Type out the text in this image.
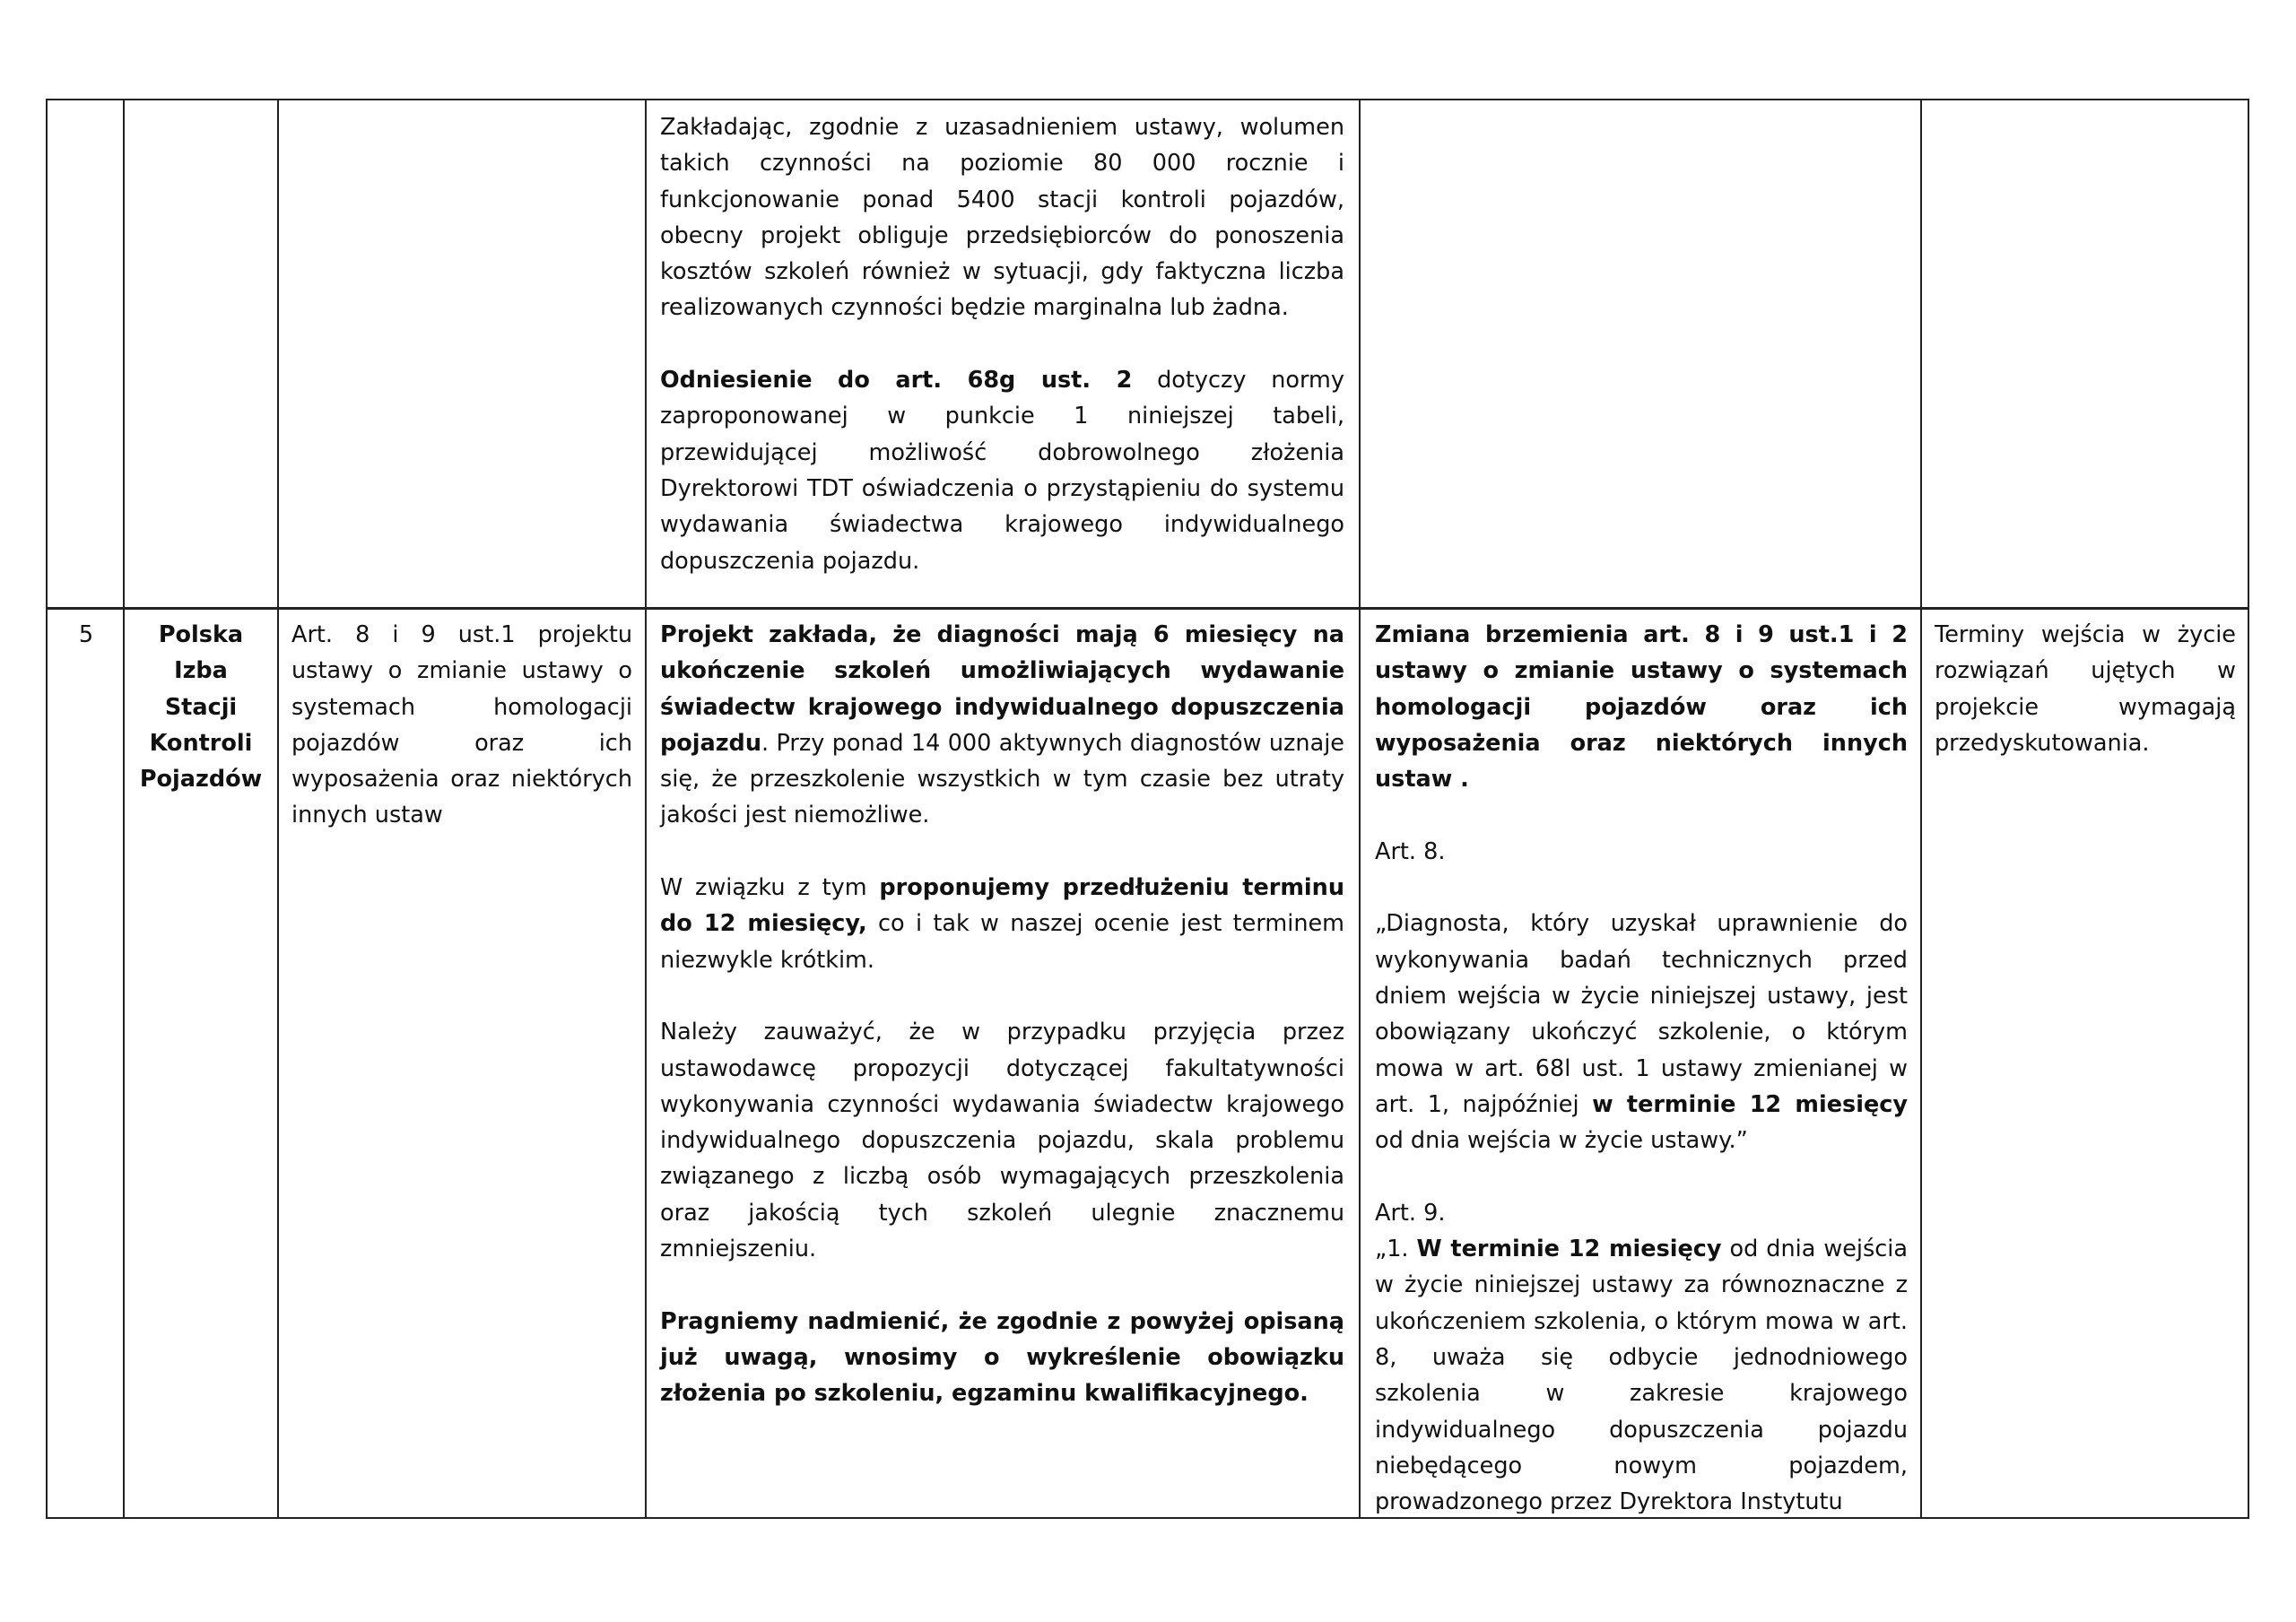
Zakładając, zgodnie z uzasadnieniem ustawy, wolumen takich czynności na poziomie 80 000 rocznie i funkcjonowanie ponad 5400 stacji kontroli pojazdów, obecny projekt obliguje przedsiębiorców do ponoszenia kosztów szkoleń również w sytuacji, gdy faktyczna liczba realizowanych czynności będzie marginalna lub żadna.

Odniesienie do art. 68g ust. 2 dotyczy normy zaproponowanej w punkcie 1 niniejszej tabeli, przewidującej możliwość dobrowolnego złożenia Dyrektorowi TDT oświadczenia o przystąpieniu do systemu wydawania świadectwa krajowego indywidualnego dopuszczenia pojazdu.

5	Polska

Izba

Stacji

Kontroli

Pojazdów

Art. 8 i 9 ust.1 projektu ustawy o zmianie ustawy o systemach homologacji pojazdów oraz ich wyposażenia oraz niektórych innych ustaw

Projekt zakłada, że diagności mają 6 miesięcy na ukończenie szkoleń umożliwiających wydawanie świadectw krajowego indywidualnego dopuszczenia pojazdu. Przy ponad 14 000 aktywnych diagnostów uznaje się, że przeszkolenie wszystkich w tym czasie bez utraty jakości jest niemożliwe.

W związku z tym proponujemy przedłużeniu terminu do 12 miesięcy, co i tak w naszej ocenie jest terminem niezwykle krótkim.

Należy zauważyć, że w przypadku przyjęcia przez ustawodawcę propozycji dotyczącej fakultatywności wykonywania czynności wydawania świadectw krajowego indywidualnego dopuszczenia pojazdu, skala problemu związanego z liczbą osób wymagających przeszkolenia oraz jakością tych szkoleń ulegnie znacznemu zmniejszeniu.

Pragniemy nadmienić, że zgodnie z powyżej opisaną już uwagą, wnosimy o wykreślenie obowiązku złożenia po szkoleniu, egzaminu kwalifikacyjnego.

Zmiana brzemienia art. 8 i 9 ust.1 i 2 ustawy o zmianie ustawy o systemach homologacji pojazdów oraz ich wyposażenia oraz niektórych innych ustaw .

Art. 8.

„Diagnosta, który uzyskał uprawnienie do wykonywania badań technicznych przed dniem wejścia w życie niniejszej ustawy, jest obowiązany ukończyć szkolenie, o którym mowa w art. 68l ust. 1 ustawy zmienianej w art. 1, najpóźniej w terminie 12 miesięcy od dnia wejścia w życie ustawy.”

Art. 9.

„1. W terminie 12 miesięcy od dnia wejścia w życie niniejszej ustawy za równoznaczne z ukończeniem szkolenia, o którym mowa w art. 8, uważa się odbycie jednodniowego szkolenia w zakresie krajowego indywidualnego dopuszczenia pojazdu niebędącego nowym pojazdem, prowadzonego przez Dyrektora Instytutu

Terminy wejścia w życie rozwiązań ujętych w projekcie wymagają przedyskutowania.
